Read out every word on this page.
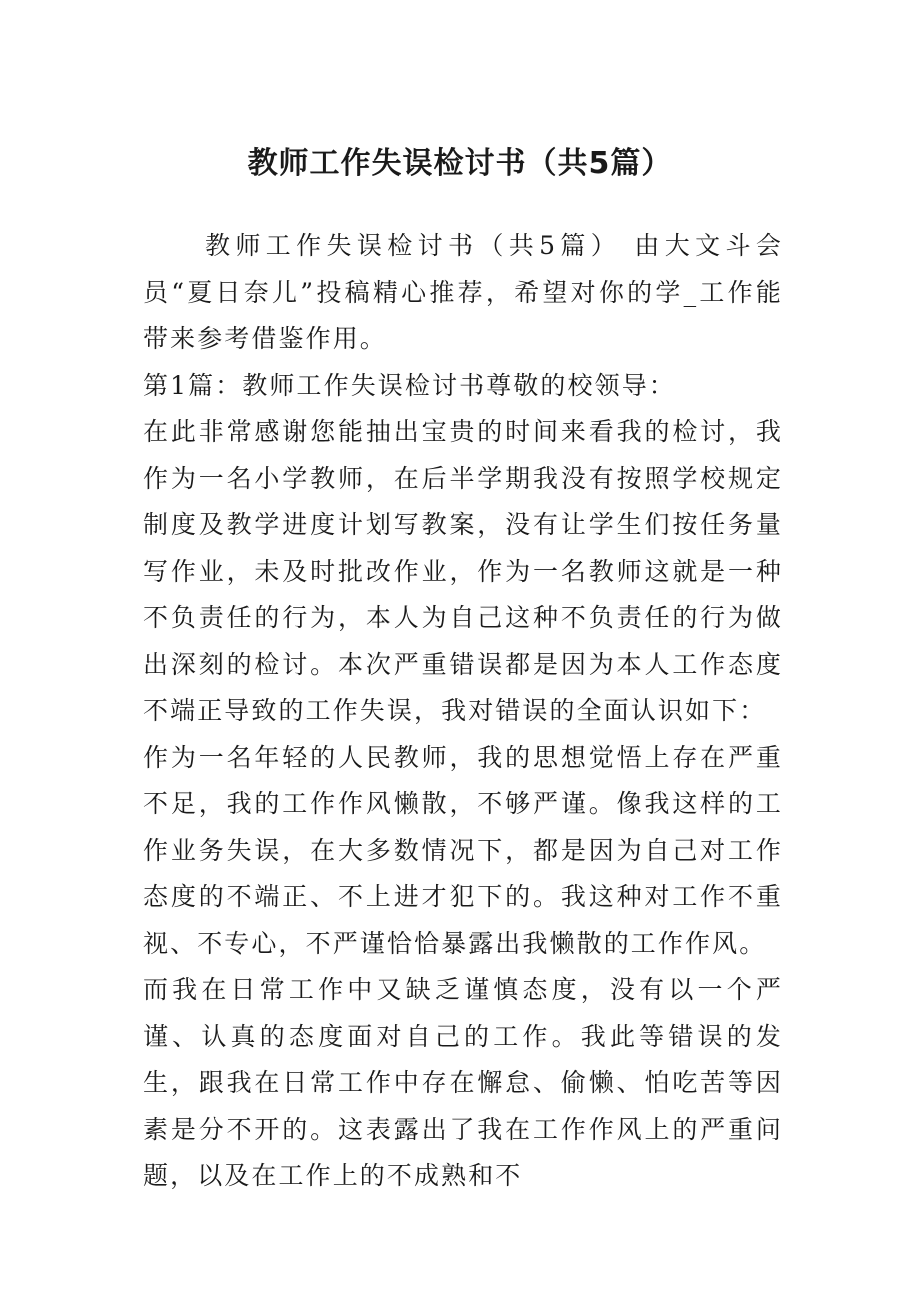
教师工作失误检讨书（共5篇）

教师工作失误检讨书（共5篇） 由大文斗会员“夏日奈儿”投稿精心推荐，希望对你的学_工作能带来参考借鉴作用。

第1篇：教师工作失误检讨书尊敬的校领导：

在此非常感谢您能抽出宝贵的时间来看我的检讨，我作为一名小学教师，在后半学期我没有按照学校规定制度及教学进度计划写教案，没有让学生们按任务量写作业，未及时批改作业，作为一名教师这就是一种不负责任的行为，本人为自己这种不负责任的行为做出深刻的检讨。本次严重错误都是因为本人工作态度不端正导致的工作失误，我对错误的全面认识如下：

作为一名年轻的人民教师，我的思想觉悟上存在严重不足，我的工作作风懒散，不够严谨。像我这样的工作业务失误，在大多数情况下，都是因为自己对工作态度的不端正、不上进才犯下的。我这种对工作不重视、不专心，不严谨恰恰暴露出我懒散的工作作风。

而我在日常工作中又缺乏谨慎态度，没有以一个严谨、认真的态度面对自己的工作。我此等错误的发生，跟我在日常工作中存在懈怠、偷懒、怕吃苦等因素是分不开的。这表露出了我在工作作风上的严重问题，以及在工作上的不成熟和不
